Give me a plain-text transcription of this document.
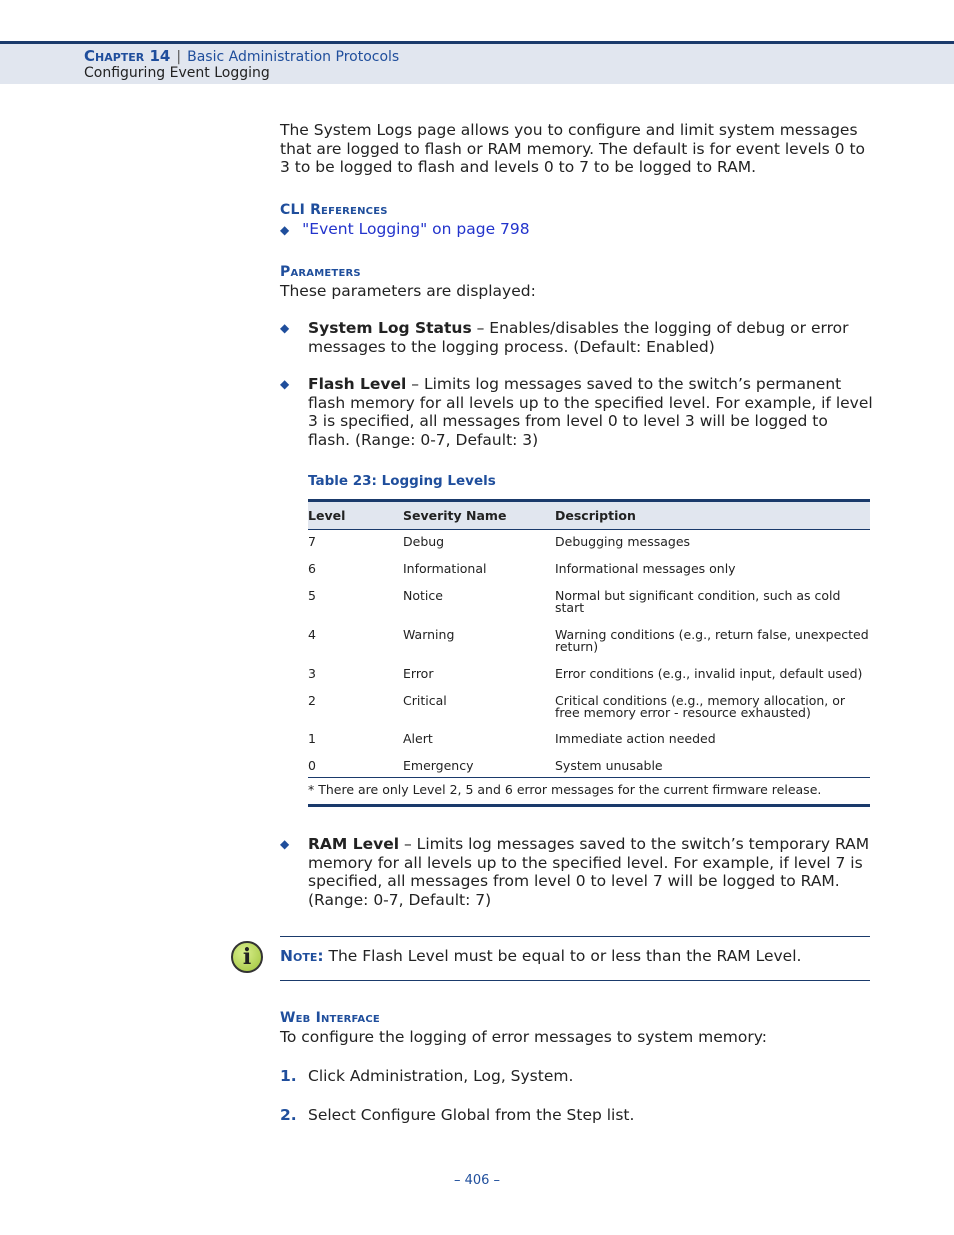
Chapter 14 | Basic Administration Protocols
Configuring Event Logging
The System Logs page allows you to configure and limit system messages that are logged to flash or RAM memory. The default is for event levels 0 to 3 to be logged to flash and levels 0 to 7 to be logged to RAM.
CLI References
◆ "Event Logging" on page 798
Parameters
These parameters are displayed:
◆ System Log Status – Enables/disables the logging of debug or error messages to the logging process. (Default: Enabled)
◆ Flash Level – Limits log messages saved to the switch’s permanent flash memory for all levels up to the specified level. For example, if level 3 is specified, all messages from level 0 to level 3 will be logged to flash. (Range: 0-7, Default: 3)
Table 23: Logging Levels
Level	Severity Name	Description
7	Debug	Debugging messages
6	Informational	Informational messages only
5	Notice	Normal but significant condition, such as cold start
4	Warning	Warning conditions (e.g., return false, unexpected return)
3	Error	Error conditions (e.g., invalid input, default used)
2	Critical	Critical conditions (e.g., memory allocation, or free memory error - resource exhausted)
1	Alert	Immediate action needed
0	Emergency	System unusable
* There are only Level 2, 5 and 6 error messages for the current firmware release.
◆ RAM Level – Limits log messages saved to the switch’s temporary RAM memory for all levels up to the specified level. For example, if level 7 is specified, all messages from level 0 to level 7 will be logged to RAM. (Range: 0-7, Default: 7)
i	Note: The Flash Level must be equal to or less than the RAM Level.
Web Interface
To configure the logging of error messages to system memory:
1. Click Administration, Log, System.
2. Select Configure Global from the Step list.
– 406 –
